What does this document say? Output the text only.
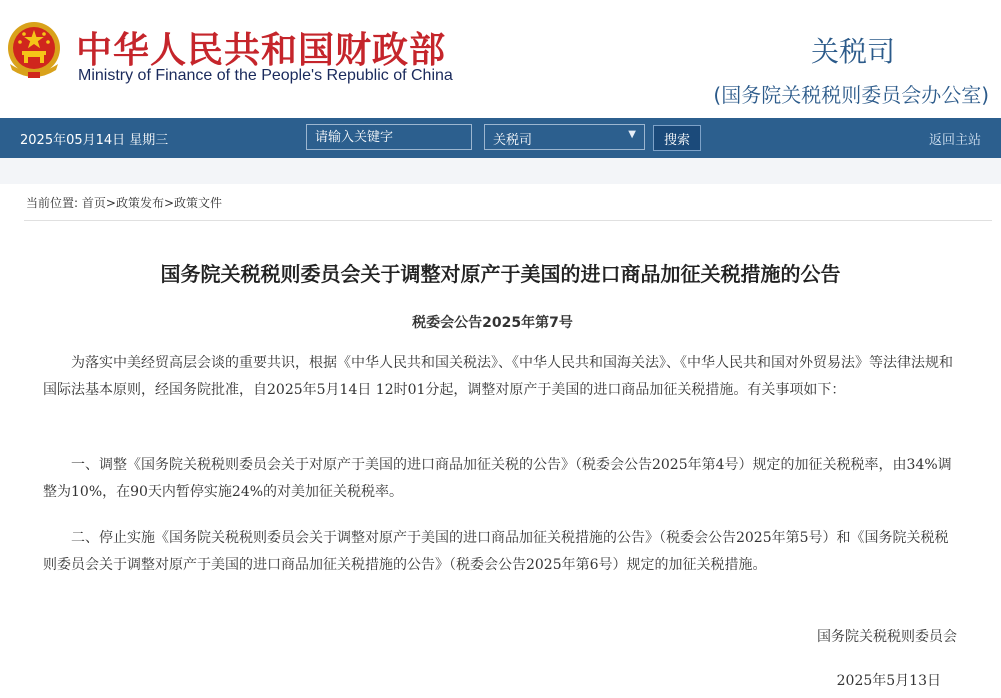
中华人民共和国财政部
Ministry of Finance of the People's Republic of China
关税司
(国务院关税税则委员会办公室)
2025年05月14日 星期三
请输入关键字	关税司	▼	搜索	返回主站
当前位置: 首页>政策发布>政策文件
国务院关税税则委员会关于调整对原产于美国的进口商品加征关税措施的公告
税委会公告2025年第7号

为落实中美经贸高层会谈的重要共识，根据《中华人民共和国关税法》、《中华人民共和国海关法》、《中华人民共和国对外贸易法》等法律法规和国际法基本原则，经国务院批准，自2025年5月14日 12时01分起，调整对原产于美国的进口商品加征关税措施。有关事项如下：

一、调整《国务院关税税则委员会关于对原产于美国的进口商品加征关税的公告》（税委会公告2025年第4号）规定的加征关税税率，由34%调整为10%，在90天内暂停实施24%的对美加征关税税率。

二、停止实施《国务院关税税则委员会关于调整对原产于美国的进口商品加征关税措施的公告》（税委会公告2025年第5号）和《国务院关税税则委员会关于调整对原产于美国的进口商品加征关税措施的公告》（税委会公告2025年第6号）规定的加征关税措施。

国务院关税税则委员会
2025年5月13日
